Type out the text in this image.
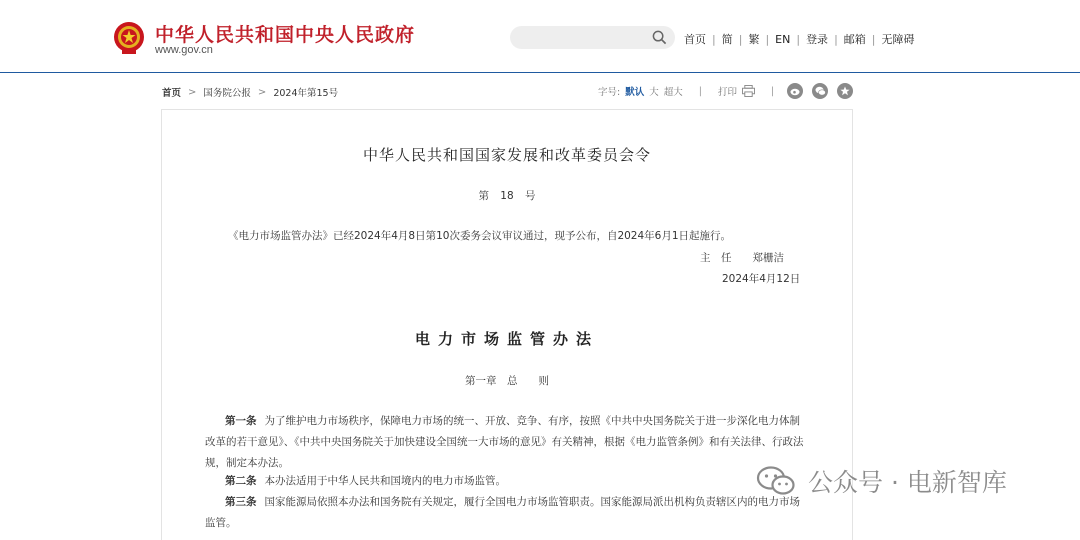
中华人民共和国中央人民政府
www.gov.cn
首页 | 简 | 繁 | EN | 登录 | 邮箱 | 无障碍
首页 > 国务院公报 > 2024年第15号	字号: 默认 大 超大 | 打印	|
中华人民共和国国家发展和改革委员会令
第 18 号
《电力市场监管办法》已经2024年4月8日第10次委务会议审议通过，现予公布，自2024年6月1日起施行。
主　任　　郑栅洁
2024年4月12日
电力市场监管办法
第一章　总　　则
第一条 为了维护电力市场秩序，保障电力市场的统一、开放、竞争、有序，按照《中共中央国务院关于进一步深化电力体制改革的若干意见》、《中共中央国务院关于加快建设全国统一大市场的意见》有关精神，根据《电力监管条例》和有关法律、行政法规，制定本办法。
第二条 本办法适用于中华人民共和国境内的电力市场监管。
第三条 国家能源局依照本办法和国务院有关规定，履行全国电力市场监管职责。国家能源局派出机构负责辖区内的电力市场监管。
公众号 · 电新智库
